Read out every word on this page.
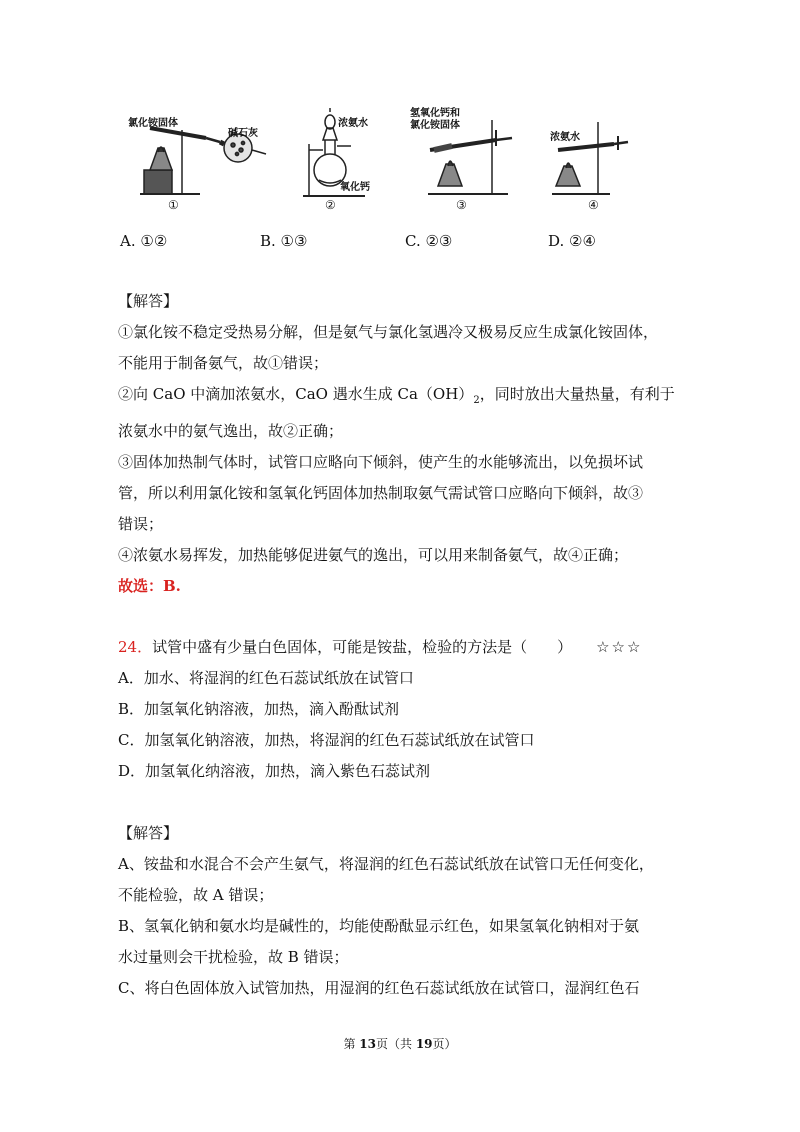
氯化铵固体
碱石灰
①
浓氨水
氧化钙
②
氢氧化钙和
氯化铵固体
③
浓氨水
④
A. ①②	B. ①③	C. ②③	D. ②④

【解答】

①氯化铵不稳定受热易分解，但是氨气与氯化氢遇冷又极易反应生成氯化铵固体，

不能用于制备氨气，故①错误；

②向 CaO 中滴加浓氨水，CaO 遇水生成 $Ca(OH)_2$，同时放出大量热量，有利于

浓氨水中的氨气逸出，故②正确；

③固体加热制气体时，试管口应略向下倾斜，使产生的水能够流出，以免损坏试

管，所以利用氯化铵和氢氧化钙固体加热制取氨气需试管口应略向下倾斜，故③

错误；

④浓氨水易挥发，加热能够促进氨气的逸出，可以用来制备氨气，故④正确；

故选：B.

24．试管中盛有少量白色固体，可能是铵盐，检验的方法是（　　） ☆☆☆

A．加水、将湿润的红色石蕊试纸放在试管口

B．加氢氧化钠溶液，加热，滴入酚酞试剂

C．加氢氧化钠溶液，加热，将湿润的红色石蕊试纸放在试管口

D．加氢氧化纳溶液，加热，滴入紫色石蕊试剂

【解答】

A、铵盐和水混合不会产生氨气，将湿润的红色石蕊试纸放在试管口无任何变化，

不能检验，故 A 错误；

B、氢氧化钠和氨水均是碱性的，均能使酚酞显示红色，如果氢氧化钠相对于氨

水过量则会干扰检验，故 B 错误；

C、将白色固体放入试管加热，用湿润的红色石蕊试纸放在试管口，湿润红色石

第 13页（共 19页）
